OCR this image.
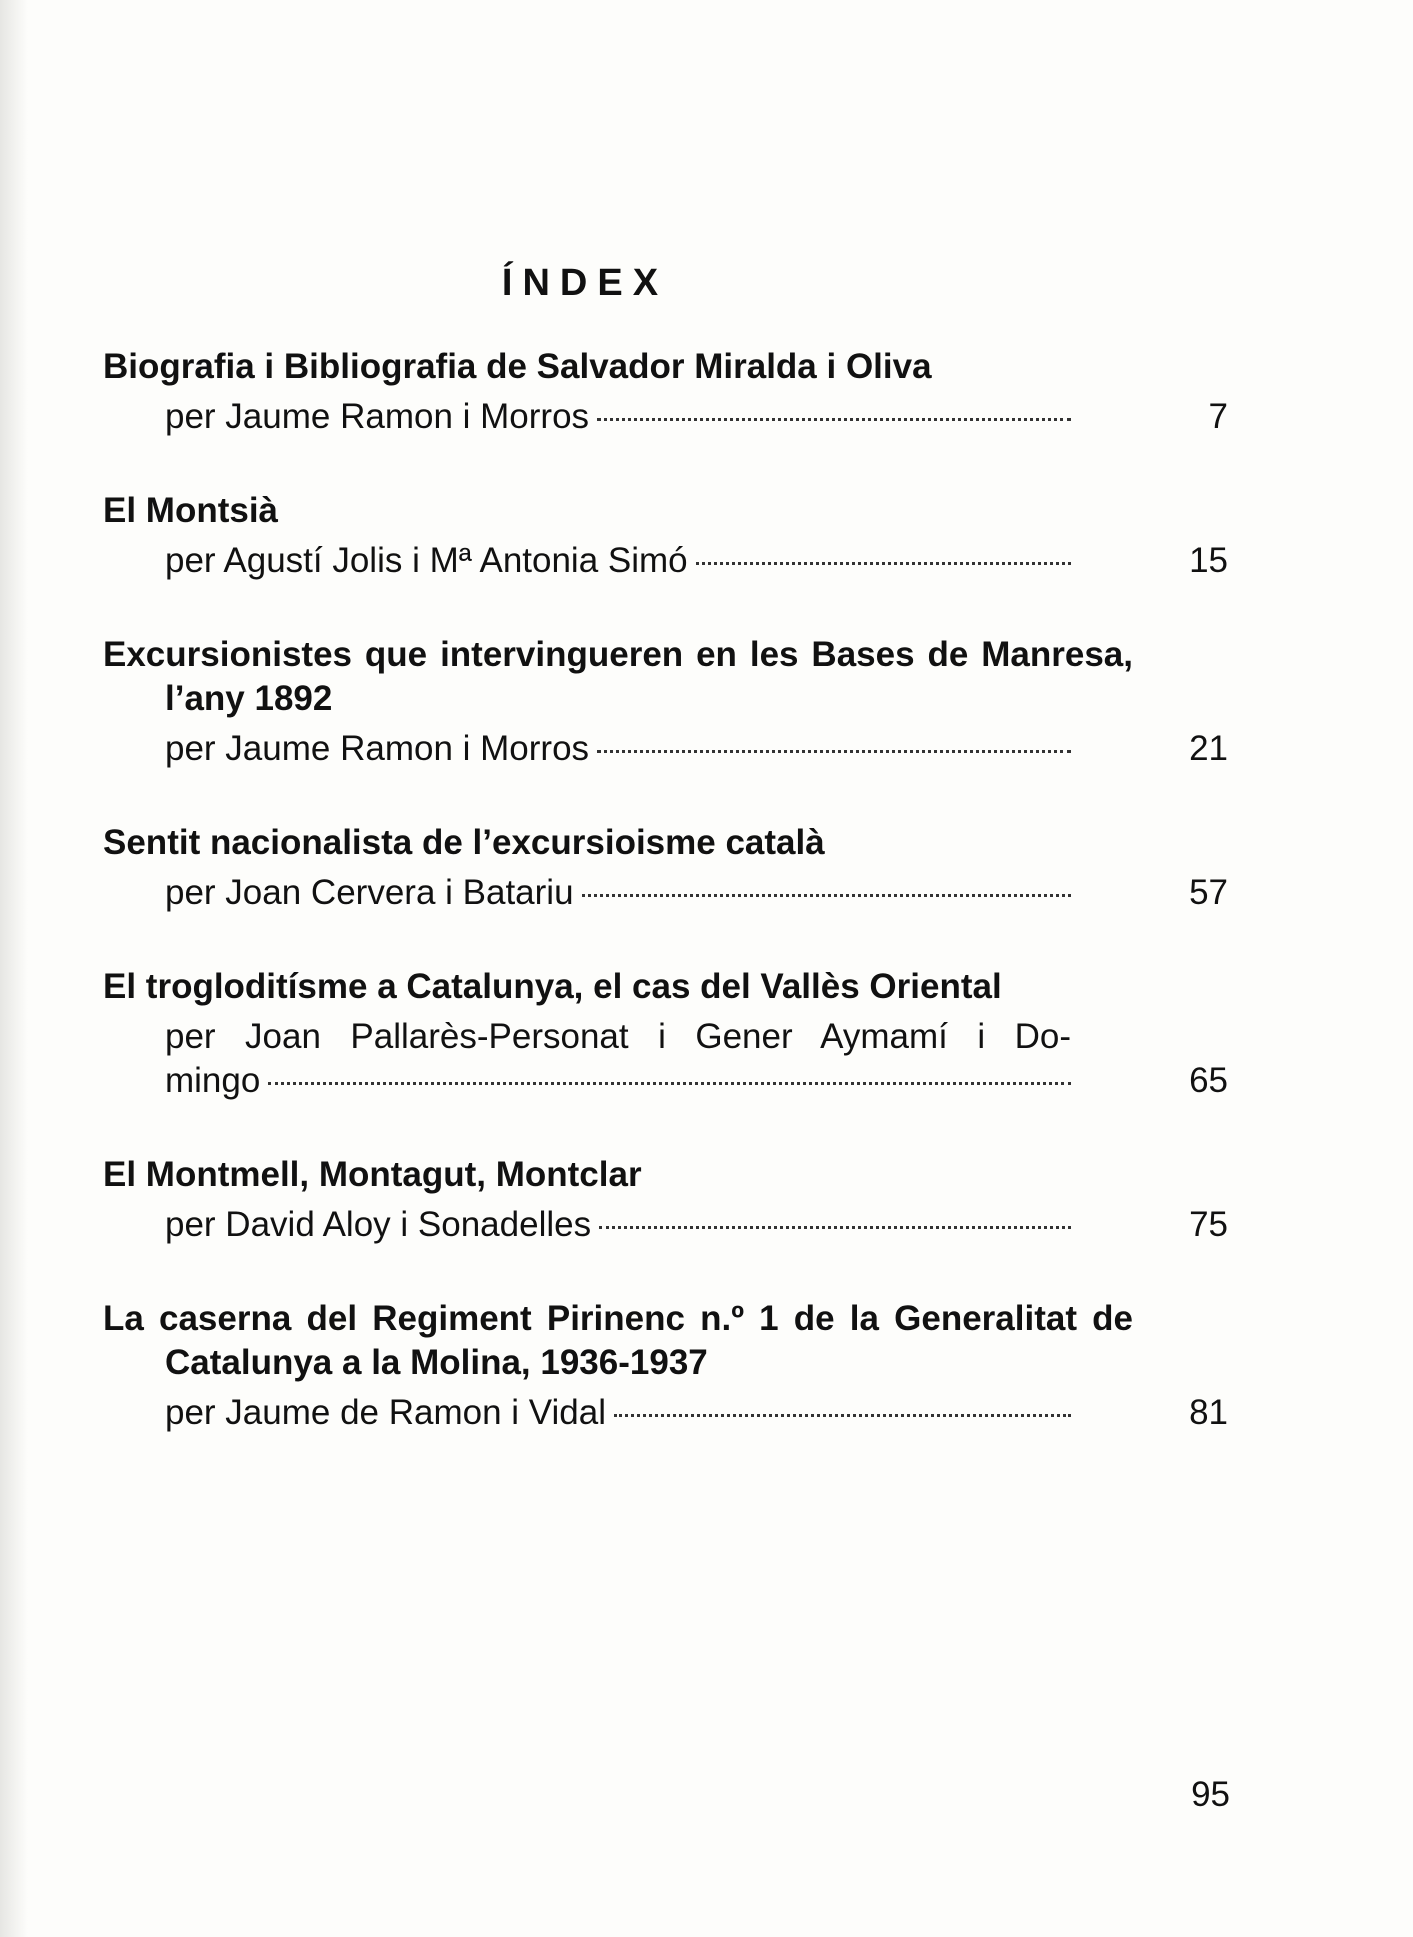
ÍNDEX
Biografia i Bibliografia de Salvador Miralda i Oliva
per Jaume Ramon i Morros	7
El Montsià
per Agustí Jolis i Mª Antonia Simó	15
Excursionistes que intervingueren en les Bases de Manresa, l’any 1892
per Jaume Ramon i Morros	21
Sentit nacionalista de l’excursioisme català
per Joan Cervera i Batariu	57
El trogloditísme a Catalunya, el cas del Vallès Oriental
per Joan Pallarès-Personat i Gener Aymamí i Do-
mingo	65
El Montmell, Montagut, Montclar
per David Aloy i Sonadelles	75
La caserna del Regiment Pirinenc n.º 1 de la Generalitat de Catalunya a la Molina, 1936-1937
per Jaume de Ramon i Vidal	81
95
